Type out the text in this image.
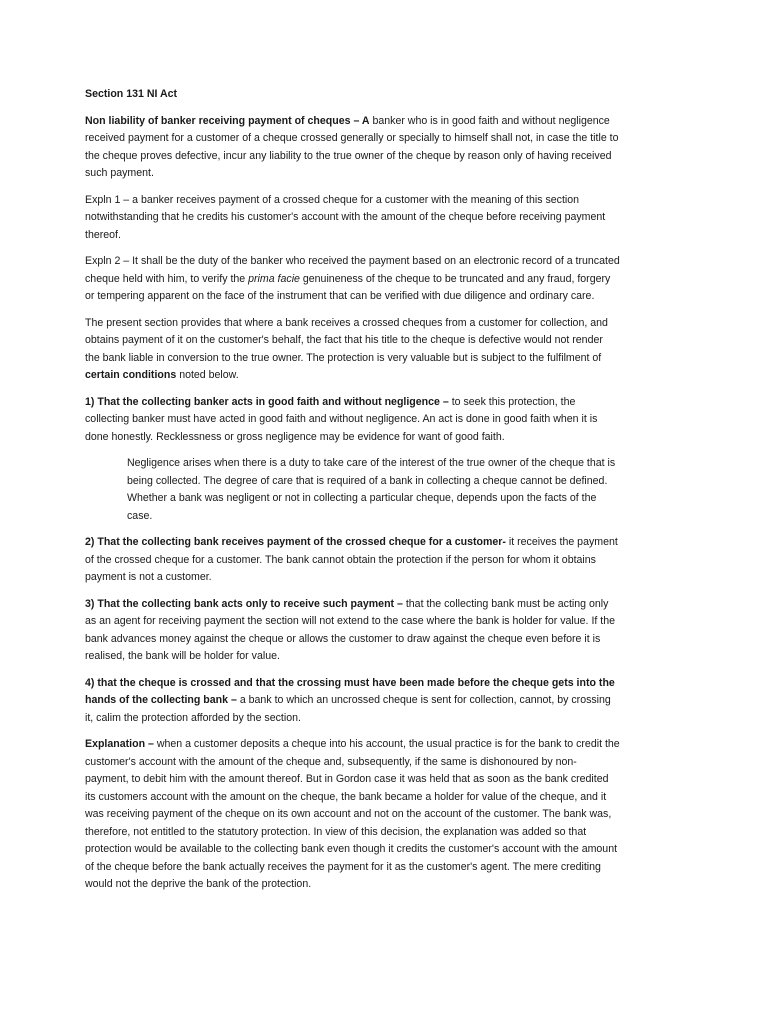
Section 131 NI Act

Non liability of banker receiving payment of cheques – A banker who is in good faith and without negligence received payment for a customer of a cheque crossed generally or specially to himself shall not, in case the title to the cheque proves defective, incur any liability to the true owner of the cheque by reason only of having received such payment.

Expln 1 – a banker receives payment of a crossed cheque for a customer with the meaning of this section notwithstanding that he credits his customer's account with the amount of the cheque before receiving payment thereof.

Expln 2 – It shall be the duty of the banker who received the payment based on an electronic record of a truncated cheque held with him, to verify the prima facie genuineness of the cheque to be truncated and any fraud, forgery or tempering apparent on the face of the instrument that can be verified with due diligence and ordinary care.

The present section provides that where a bank receives a crossed cheques from a customer for collection, and obtains payment of it on the customer's behalf, the fact that his title to the cheque is defective would not render the bank liable in conversion to the true owner. The protection is very valuable but is subject to the fulfilment of certain conditions noted below.

1) That the collecting banker acts in good faith and without negligence – to seek this protection, the collecting banker must have acted in good faith and without negligence. An act is done in good faith when it is done honestly. Recklessness or gross negligence may be evidence for want of good faith.

Negligence arises when there is a duty to take care of the interest of the true owner of the cheque that is being collected. The degree of care that is required of a bank in collecting a cheque cannot be defined. Whether a bank was negligent or not in collecting a particular cheque, depends upon the facts of the case.

2) That the collecting bank receives payment of the crossed cheque for a customer- it receives the payment of the crossed cheque for a customer. The bank cannot obtain the protection if the person for whom it obtains payment is not a customer.

3) That the collecting bank acts only to receive such payment – that the collecting bank must be acting only as an agent for receiving payment the section will not extend to the case where the bank is holder for value. If the bank advances money against the cheque or allows the customer to draw against the cheque even before it is realised, the bank will be holder for value.

4) that the cheque is crossed and that the crossing must have been made before the cheque gets into the hands of the collecting bank – a bank to which an uncrossed cheque is sent for collection, cannot, by crossing it, calim the protection afforded by the section.

Explanation – when a customer deposits a cheque into his account, the usual practice is for the bank to credit the customer's account with the amount of the cheque and, subsequently, if the same is dishonoured by non-payment, to debit him with the amount thereof. But in Gordon case it was held that as soon as the bank credited its customers account with the amount on the cheque, the bank became a holder for value of the cheque, and it was receiving payment of the cheque on its own account and not on the account of the customer. The bank was, therefore, not entitled to the statutory protection. In view of this decision, the explanation was added so that protection would be available to the collecting bank even though it credits the customer's account with the amount of the cheque before the bank actually receives the payment for it as the customer's agent. The mere crediting would not the deprive the bank of the protection.
